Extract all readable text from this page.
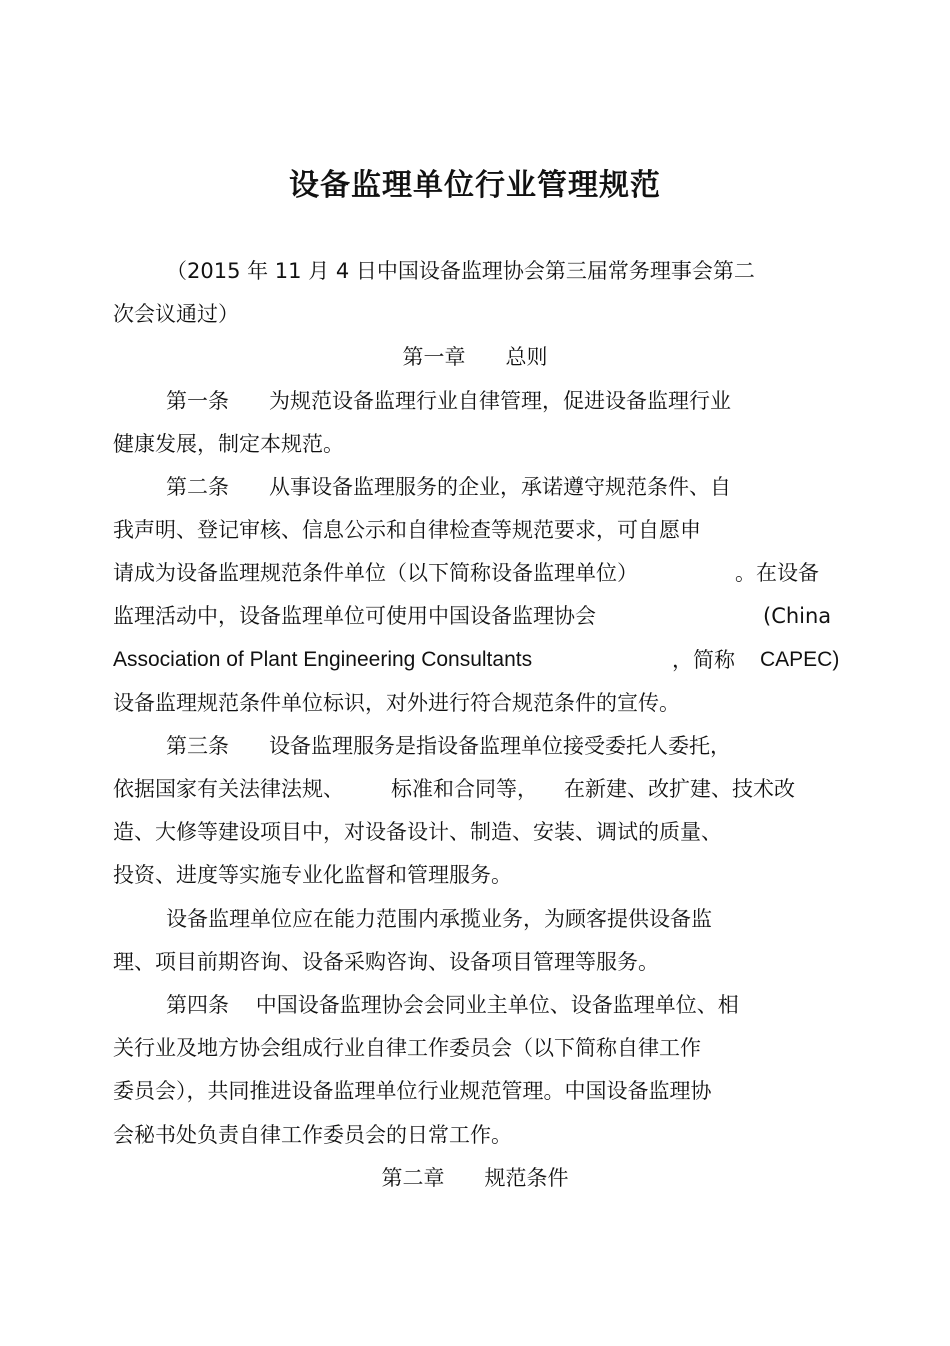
设备监理单位行业管理规范
（2015 年 11 月 4 日中国设备监理协会第三届常务理事会第二
次会议通过）
第一章      总则
第一条      为规范设备监理行业自律管理，促进设备监理行业
健康发展，制定本规范。
第二条      从事设备监理服务的企业，承诺遵守规范条件、自
我声明、登记审核、信息公示和自律检查等规范要求，可自愿申
请成为设备监理规范条件单位（以下简称设备监理单位）	。在设备
监理活动中，设备监理单位可使用中国设备监理协会	(China
Association of Plant Engineering Consultants	，简称 CAPEC)
设备监理规范条件单位标识，对外进行符合规范条件的宣传。
第三条      设备监理服务是指设备监理单位接受委托人委托，
依据国家有关法律法规、 标准和合同等， 在新建、改扩建、技术改
造、大修等建设项目中，对设备设计、制造、安装、调试的质量、
投资、进度等实施专业化监督和管理服务。
设备监理单位应在能力范围内承揽业务，为顾客提供设备监
理、项目前期咨询、设备采购咨询、设备项目管理等服务。
第四条    中国设备监理协会会同业主单位、设备监理单位、相
关行业及地方协会组成行业自律工作委员会（以下简称自律工作
委员会），共同推进设备监理单位行业规范管理。中国设备监理协
会秘书处负责自律工作委员会的日常工作。
第二章      规范条件
